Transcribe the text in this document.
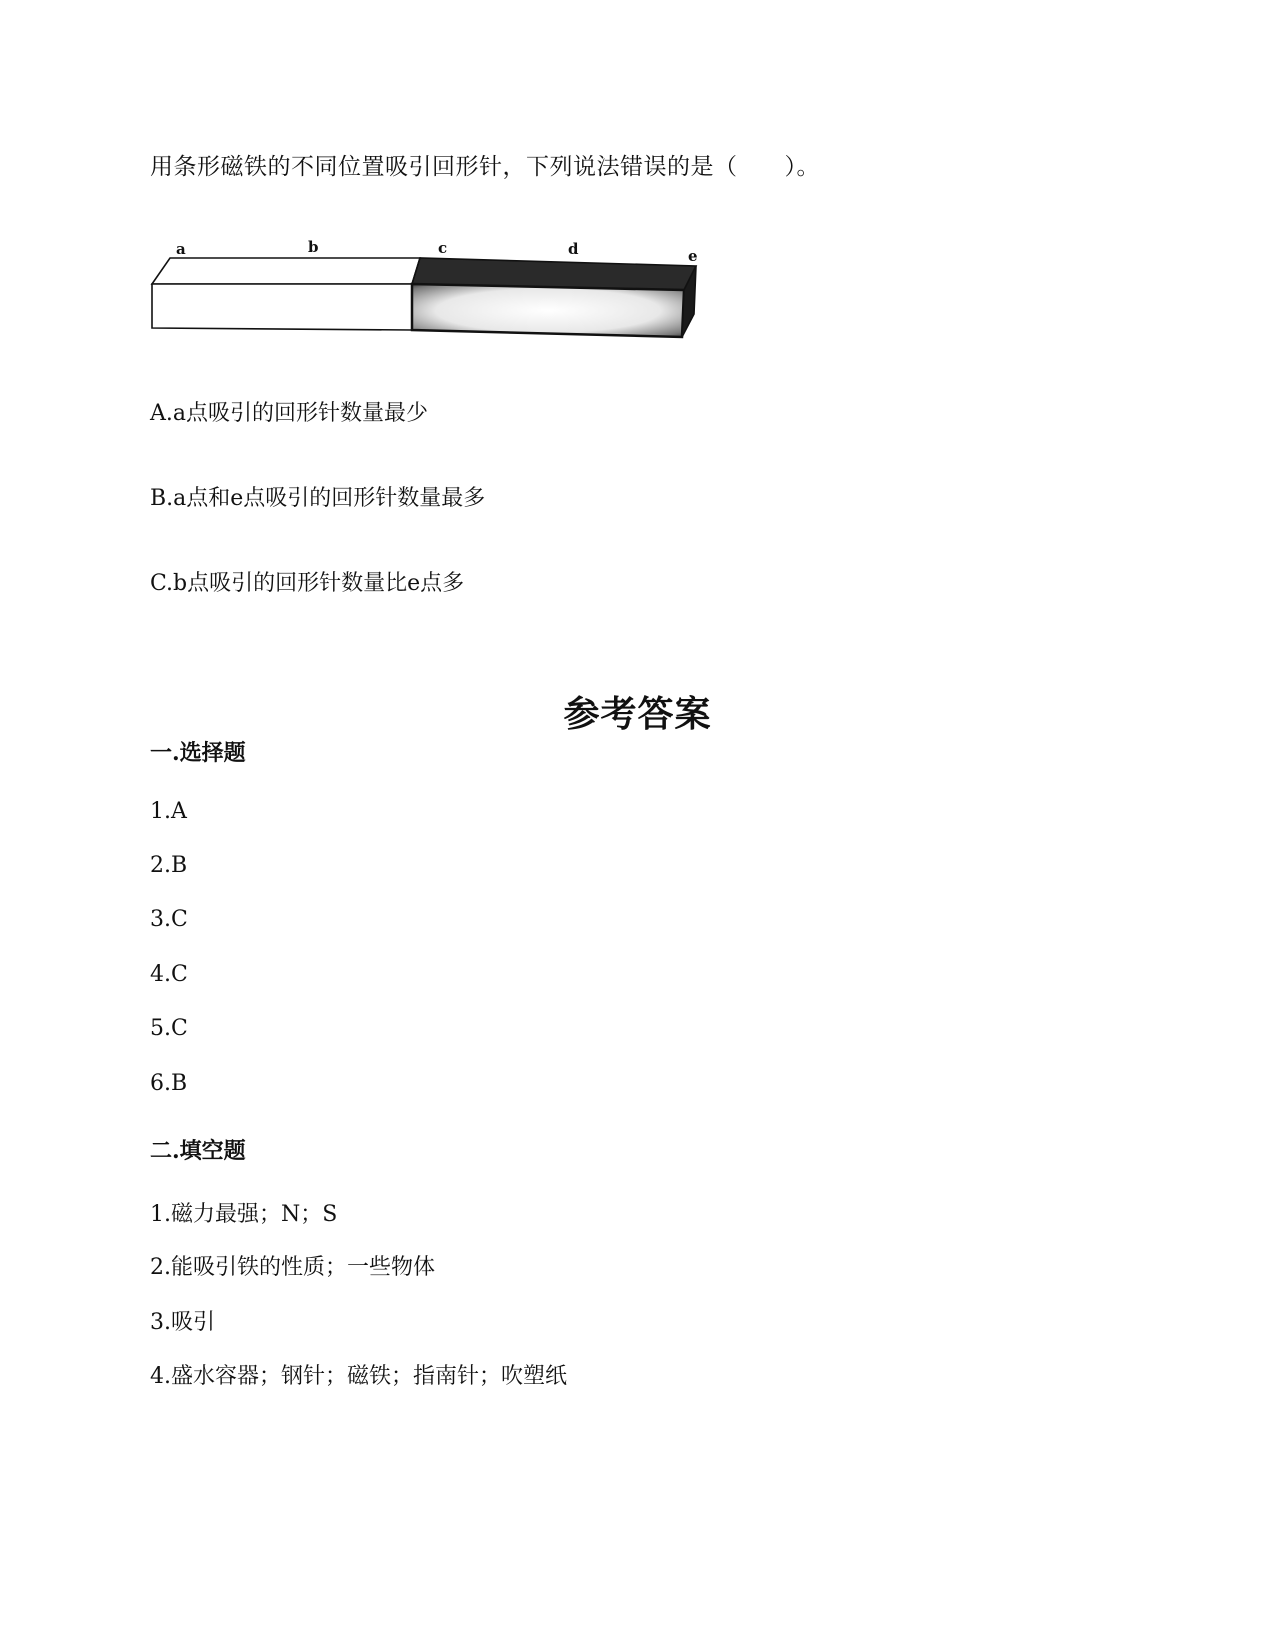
用条形磁铁的不同位置吸引回形针，下列说法错误的是（　　）。
a	b	c	d	e
A.a点吸引的回形针数量最少
B.a点和e点吸引的回形针数量最多
C.b点吸引的回形针数量比e点多
参考答案
一.选择题
1.A
2.B
3.C
4.C
5.C
6.B
二.填空题
1.磁力最强；N；S
2.能吸引铁的性质；一些物体
3.吸引
4.盛水容器；钢针；磁铁；指南针；吹塑纸
